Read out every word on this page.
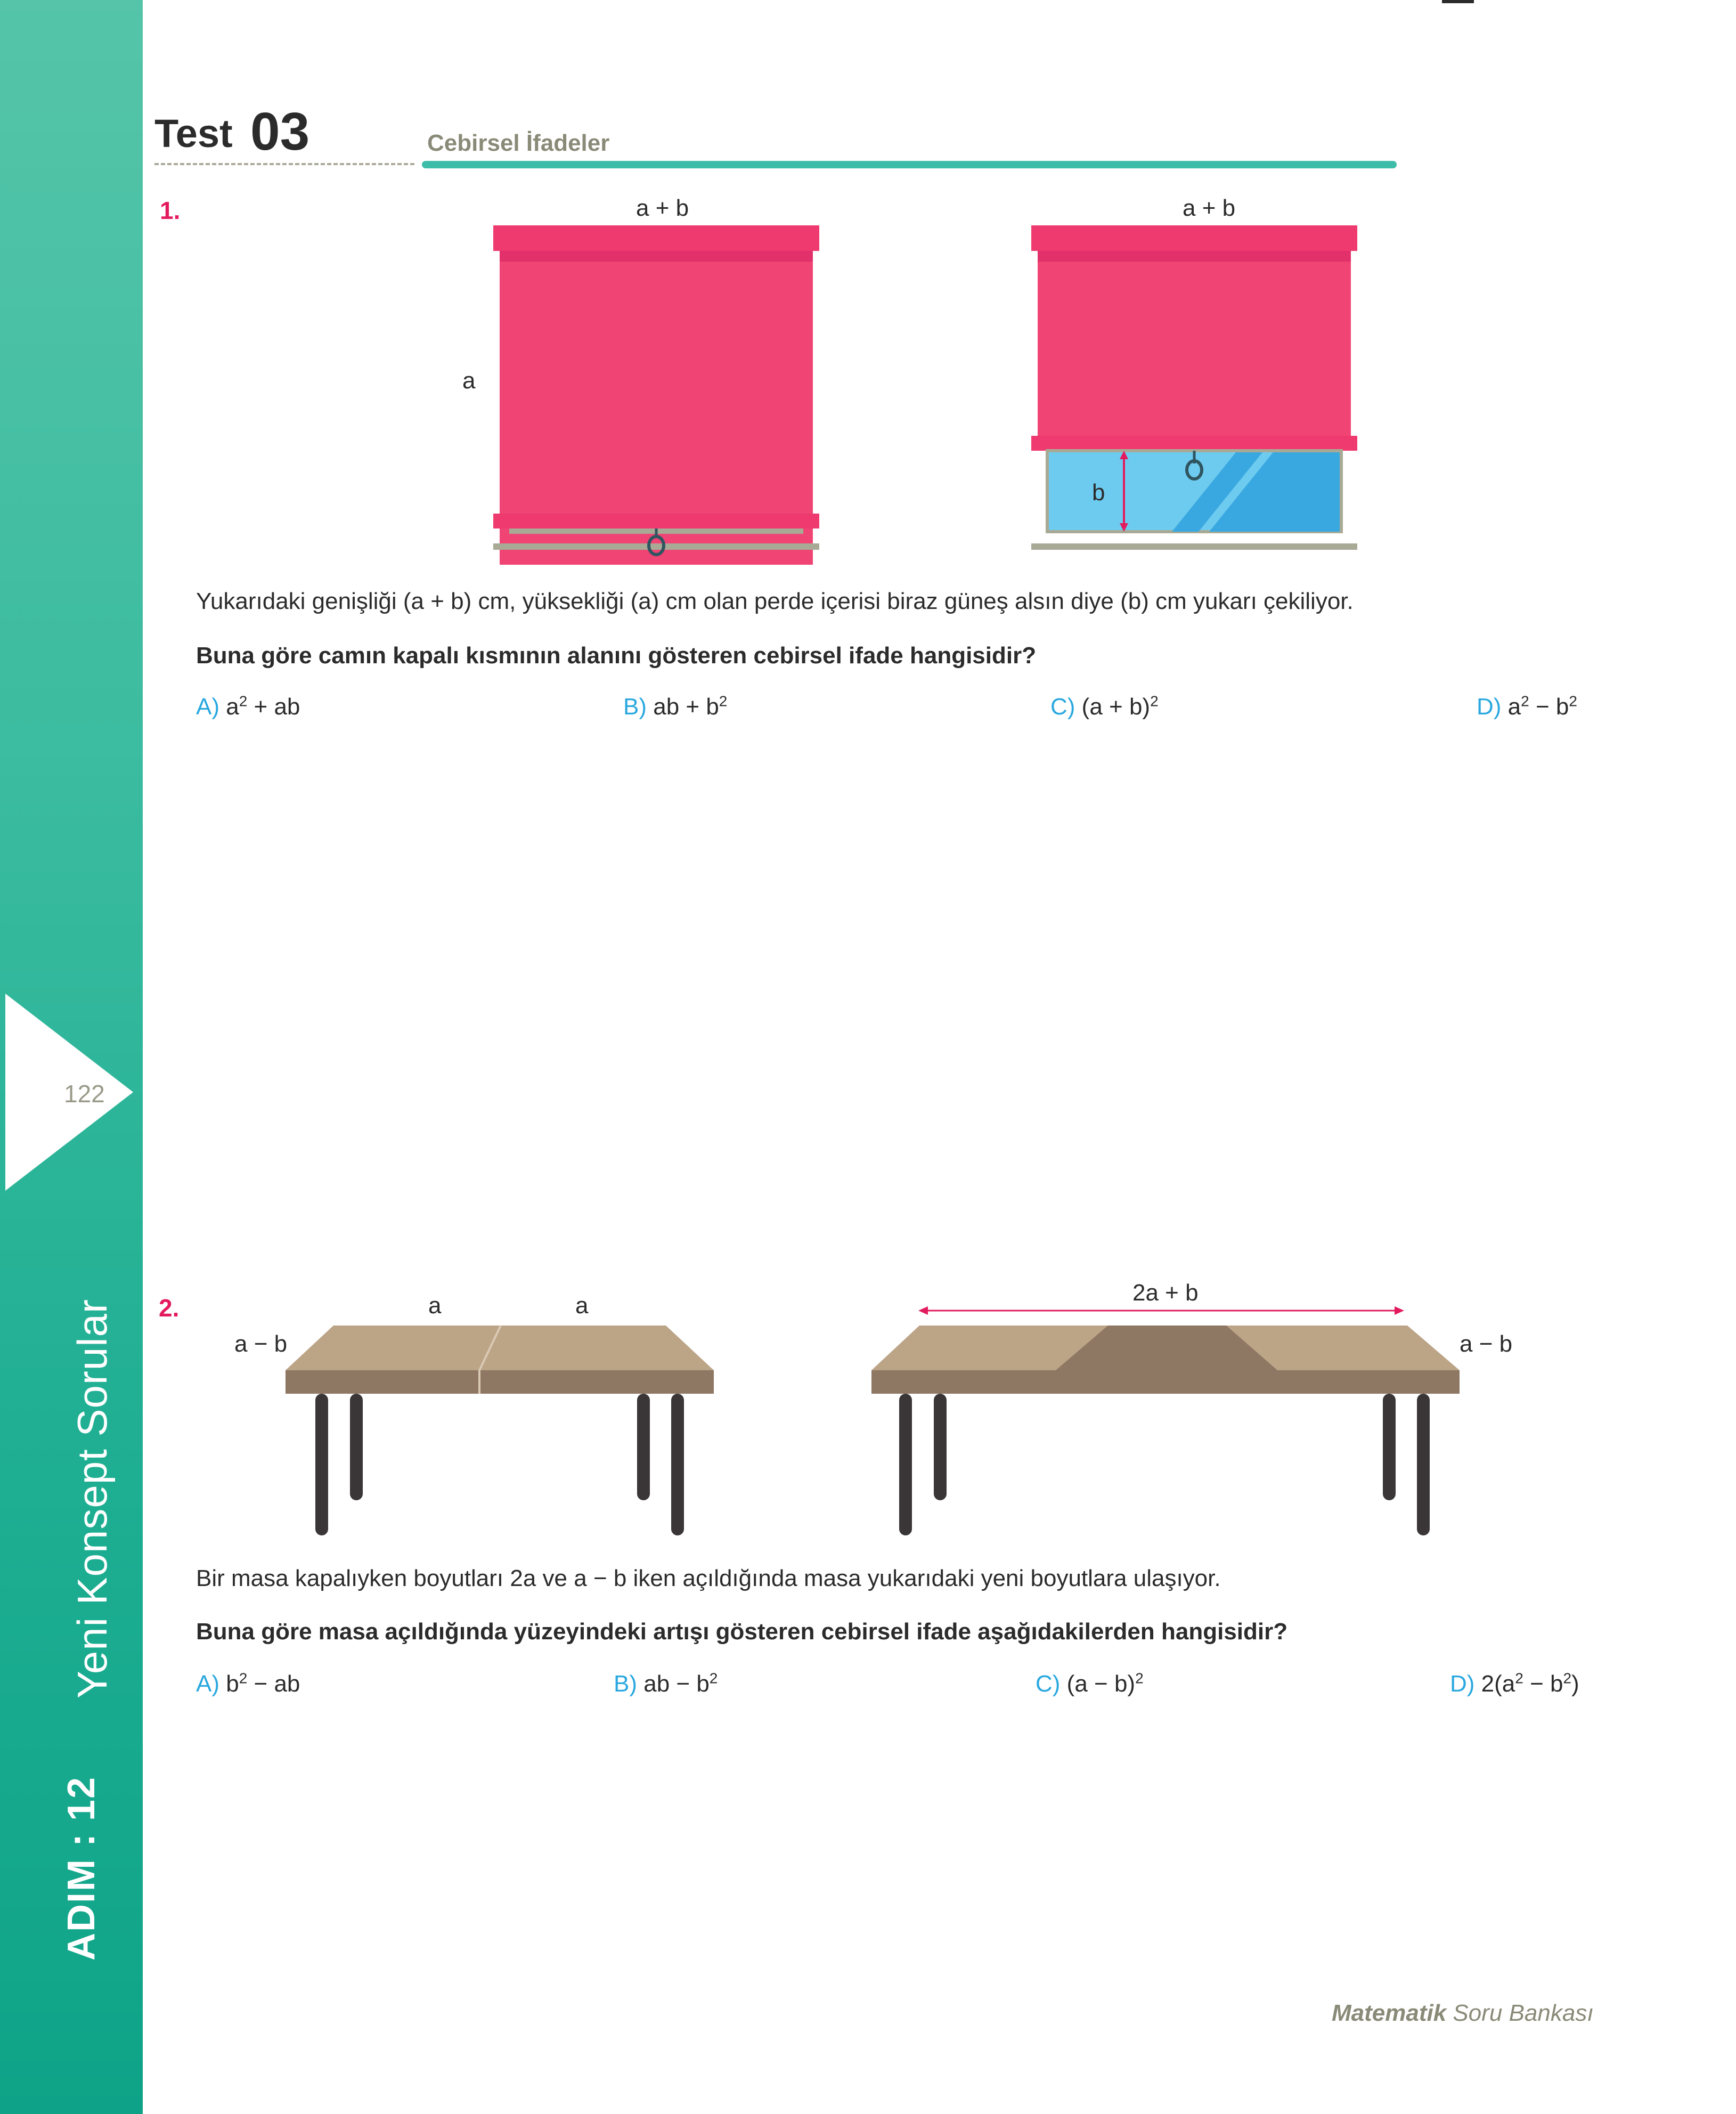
122
Yeni Konsept Sorular
ADIM : 12
Test 03	Cebirsel İfadeler
1.	a + b	a + b
a
b
Yukarıdaki genişliği (a + b) cm, yüksekliği (a) cm olan perde içerisi biraz güneş alsın diye (b) cm yukarı çekiliyor.
Buna göre camın kapalı kısmının alanını gösteren cebirsel ifade hangisidir?
A) $a^2$ + ab	B) ab + $b^2$	C) $(a + b)^2$	D) $a^2 - b^2$
2.	a	a
a − b
2a + b
a − b
Bir masa kapalıyken boyutları 2a ve a − b iken açıldığında masa yukarıdaki yeni boyutlara ulaşıyor.
Buna göre masa açıldığında yüzeyindeki artışı gösteren cebirsel ifade aşağıdakilerden hangisidir?
A) $b^2$ − ab	B) ab − $b^2$	C) $(a - b)^2$	D) $2(a^2 - b^2)$
Matematik Soru Bankası
